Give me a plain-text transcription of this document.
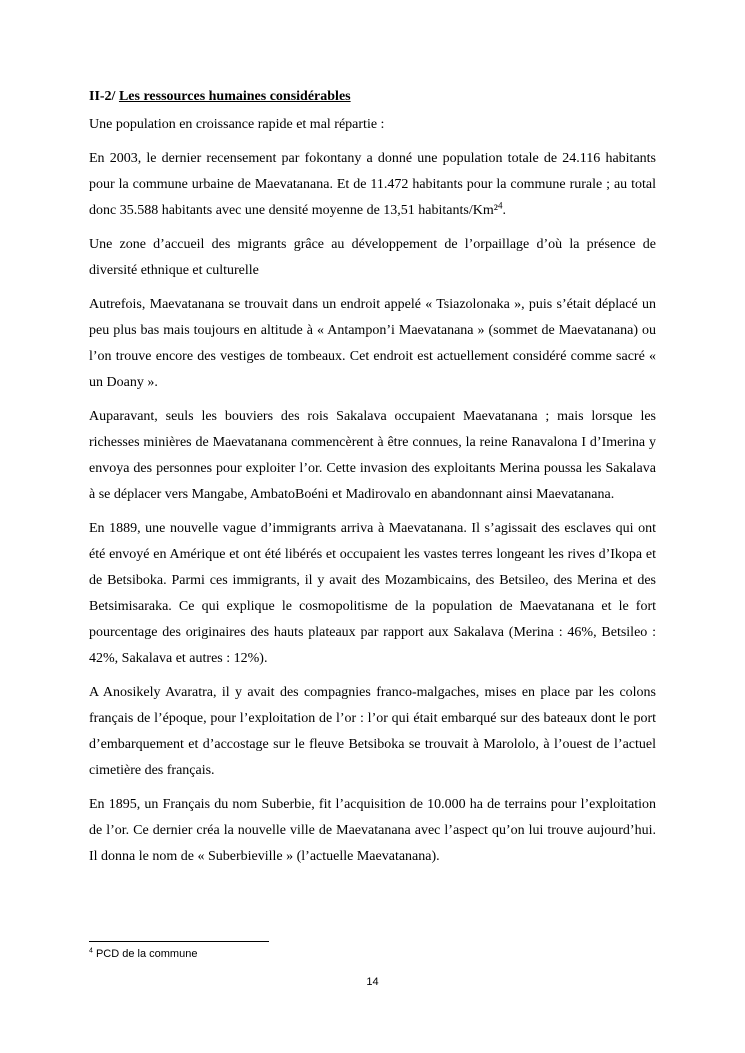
II-2/ Les ressources humaines considérables

Une population en croissance rapide et mal répartie :

En 2003, le dernier recensement par fokontany a donné une population totale de 24.116 habitants pour la commune urbaine de Maevatanana. Et de 11.472 habitants pour la commune rurale ; au total donc 35.588 habitants avec une densité moyenne de 13,51 habitants/Km²$^4$.

Une zone d’accueil des migrants grâce au développement de l’orpaillage d’où la présence de diversité ethnique et culturelle

Autrefois, Maevatanana se trouvait dans un endroit appelé « Tsiazolonaka », puis s’était déplacé un peu plus bas mais toujours en altitude à « Antampon’i Maevatanana » (sommet de Maevatanana) ou l’on trouve encore des vestiges de tombeaux. Cet endroit est actuellement considéré comme sacré « un Doany ».

Auparavant, seuls les bouviers des rois Sakalava occupaient Maevatanana ; mais lorsque les richesses minières de Maevatanana commencèrent à être connues, la reine Ranavalona I d’Imerina y envoya des personnes pour exploiter l’or. Cette invasion des exploitants Merina poussa les Sakalava à se déplacer vers Mangabe, AmbatoBoéni et Madirovalo en abandonnant ainsi Maevatanana.

En 1889, une nouvelle vague d’immigrants arriva à Maevatanana. Il s’agissait des esclaves qui ont été envoyé en Amérique et ont été libérés et occupaient les vastes terres longeant les rives d’Ikopa et de Betsiboka. Parmi ces immigrants, il y avait des Mozambicains, des Betsileo, des Merina et des Betsimisaraka. Ce qui explique le cosmopolitisme de la population de Maevatanana et le fort pourcentage des originaires des hauts plateaux par rapport aux Sakalava (Merina : 46%, Betsileo : 42%, Sakalava et autres : 12%).

A Anosikely Avaratra, il y avait des compagnies franco-malgaches, mises en place par les colons français de l’époque, pour l’exploitation de l’or : l’or qui était embarqué sur des bateaux dont le port d’embarquement et d’accostage sur le fleuve Betsiboka se trouvait à Marololo, à l’ouest de l’actuel cimetière des français.

En 1895, un Français du nom Suberbie, fit l’acquisition de 10.000 ha de terrains pour l’exploitation de l’or. Ce dernier créa la nouvelle ville de Maevatanana avec l’aspect qu’on lui trouve aujourd’hui. Il donna le nom de « Suberbieville » (l’actuelle Maevatanana).

$^4$ PCD de la commune
14
